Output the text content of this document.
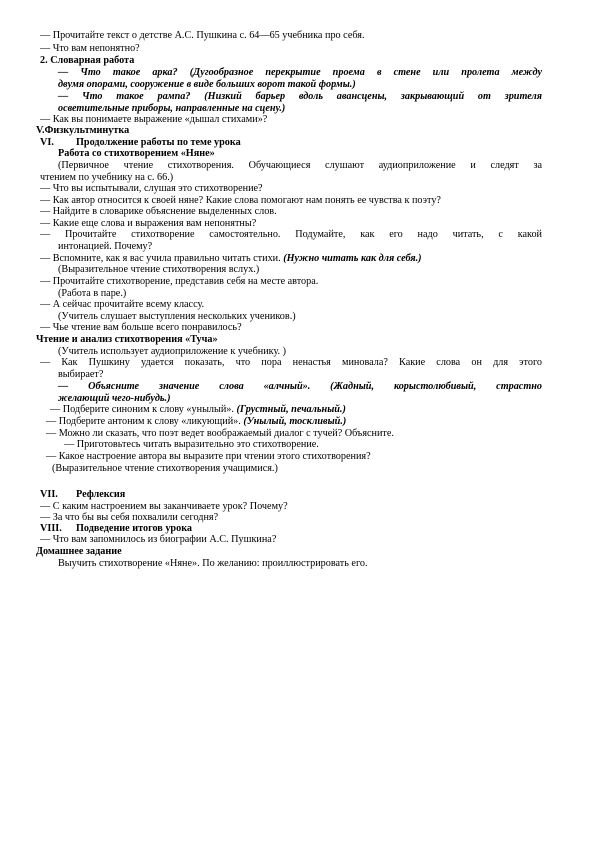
— Прочитайте текст о детстве А.С. Пушкина с. 64—65 учебника про себя.
— Что вам непонятно?
2. Словарная работа
— Что такое арка? (Дугообразное перекрытие проема в стене или пролета между
двумя опорами, сооружение в виде больших ворот такой формы.)
— Что такое рампа? (Низкий барьер вдоль авансцены, закрывающий от зрителя
осветительные приборы, направленные на сцену.)
— Как вы понимаете выражение «дышал стихами»?
V.Физкультминутка
VI. Продолжение работы по теме урока
Работа со стихотворением «Няне»
(Первичное чтение стихотворения. Обучающиеся слушают аудиоприложение и следят за
чтением по учебнику на с. 66.)
— Что вы испытывали, слушая это стихотворение?
— Как автор относится к своей няне? Какие слова помогают нам понять ее чувства к поэту?
— Найдите в словарике объяснение выделенных слов.
— Какие еще слова и выражения вам непонятны?
— Прочитайте стихотворение самостоятельно. Подумайте, как его надо читать, с какой
интонацией. Почему?
— Вспомните, как я вас учила правильно читать стихи. (Нужно читать как для себя.)
(Выразительное чтение стихотворения вслух.)
— Прочитайте стихотворение, представив себя на месте автора.
(Работа в паре.)
— А сейчас прочитайте всему классу.
(Учитель слушает выступления нескольких учеников.)
— Чье чтение вам больше всего понравилось?
Чтение и анализ стихотворения «Туча»
(Учитель использует аудиоприложение к учебнику. )
— Как Пушкину удается показать, что пора ненастья миновала? Какие слова он для этого
выбирает?
— Объясните значение слова «алчный». (Жадный, корыстолюбивый, страстно
желающий чего-нибудь.)
— Подберите синоним к слову «унылый». (Грустный, печальный.)
— Подберите антоним к слову «ликующий». (Унылый, тоскливый.)
— Можно ли сказать, что поэт ведет воображаемый диалог с тучей? Объясните.
— Приготовьтесь читать выразительно это стихотворение.
— Какое настроение автора вы выразите при чтении этого стихотворения?
(Выразительное чтение стихотворения учащимися.)
VII. Рефлексия
— С каким настроением вы заканчиваете урок? Почему?
— За что бы вы себя похвалили сегодня?
VIII. Подведение итогов урока
— Что вам запомнилось из биографии А.С. Пушкина?
Домашнее задание
Выучить стихотворение «Няне». По желанию: проиллюстрировать его.
